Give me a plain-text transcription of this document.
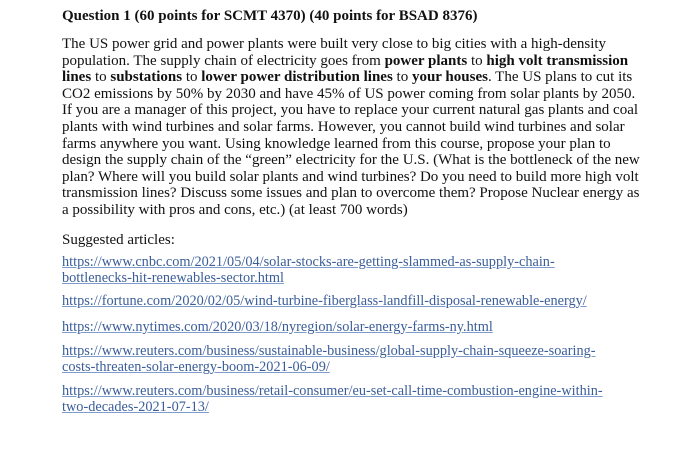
Question 1 (60 points for SCMT 4370) (40 points for BSAD 8376)
The US power grid and power plants were built very close to big cities with a high-density
population. The supply chain of electricity goes from power plants to high volt transmission
lines to substations to lower power distribution lines to your houses. The US plans to cut its
CO2 emissions by 50% by 2030 and have 45% of US power coming from solar plants by 2050.
If you are a manager of this project, you have to replace your current natural gas plants and coal
plants with wind turbines and solar farms. However, you cannot build wind turbines and solar
farms anywhere you want. Using knowledge learned from this course, propose your plan to
design the supply chain of the “green” electricity for the U.S. (What is the bottleneck of the new
plan? Where will you build solar plants and wind turbines? Do you need to build more high volt
transmission lines? Discuss some issues and plan to overcome them? Propose Nuclear energy as
a possibility with pros and cons, etc.) (at least 700 words)
Suggested articles:
https://www.cnbc.com/2021/05/04/solar-stocks-are-getting-slammed-as-supply-chain-
bottlenecks-hit-renewables-sector.html
https://fortune.com/2020/02/05/wind-turbine-fiberglass-landfill-disposal-renewable-energy/
https://www.nytimes.com/2020/03/18/nyregion/solar-energy-farms-ny.html
https://www.reuters.com/business/sustainable-business/global-supply-chain-squeeze-soaring-
costs-threaten-solar-energy-boom-2021-06-09/
https://www.reuters.com/business/retail-consumer/eu-set-call-time-combustion-engine-within-
two-decades-2021-07-13/
